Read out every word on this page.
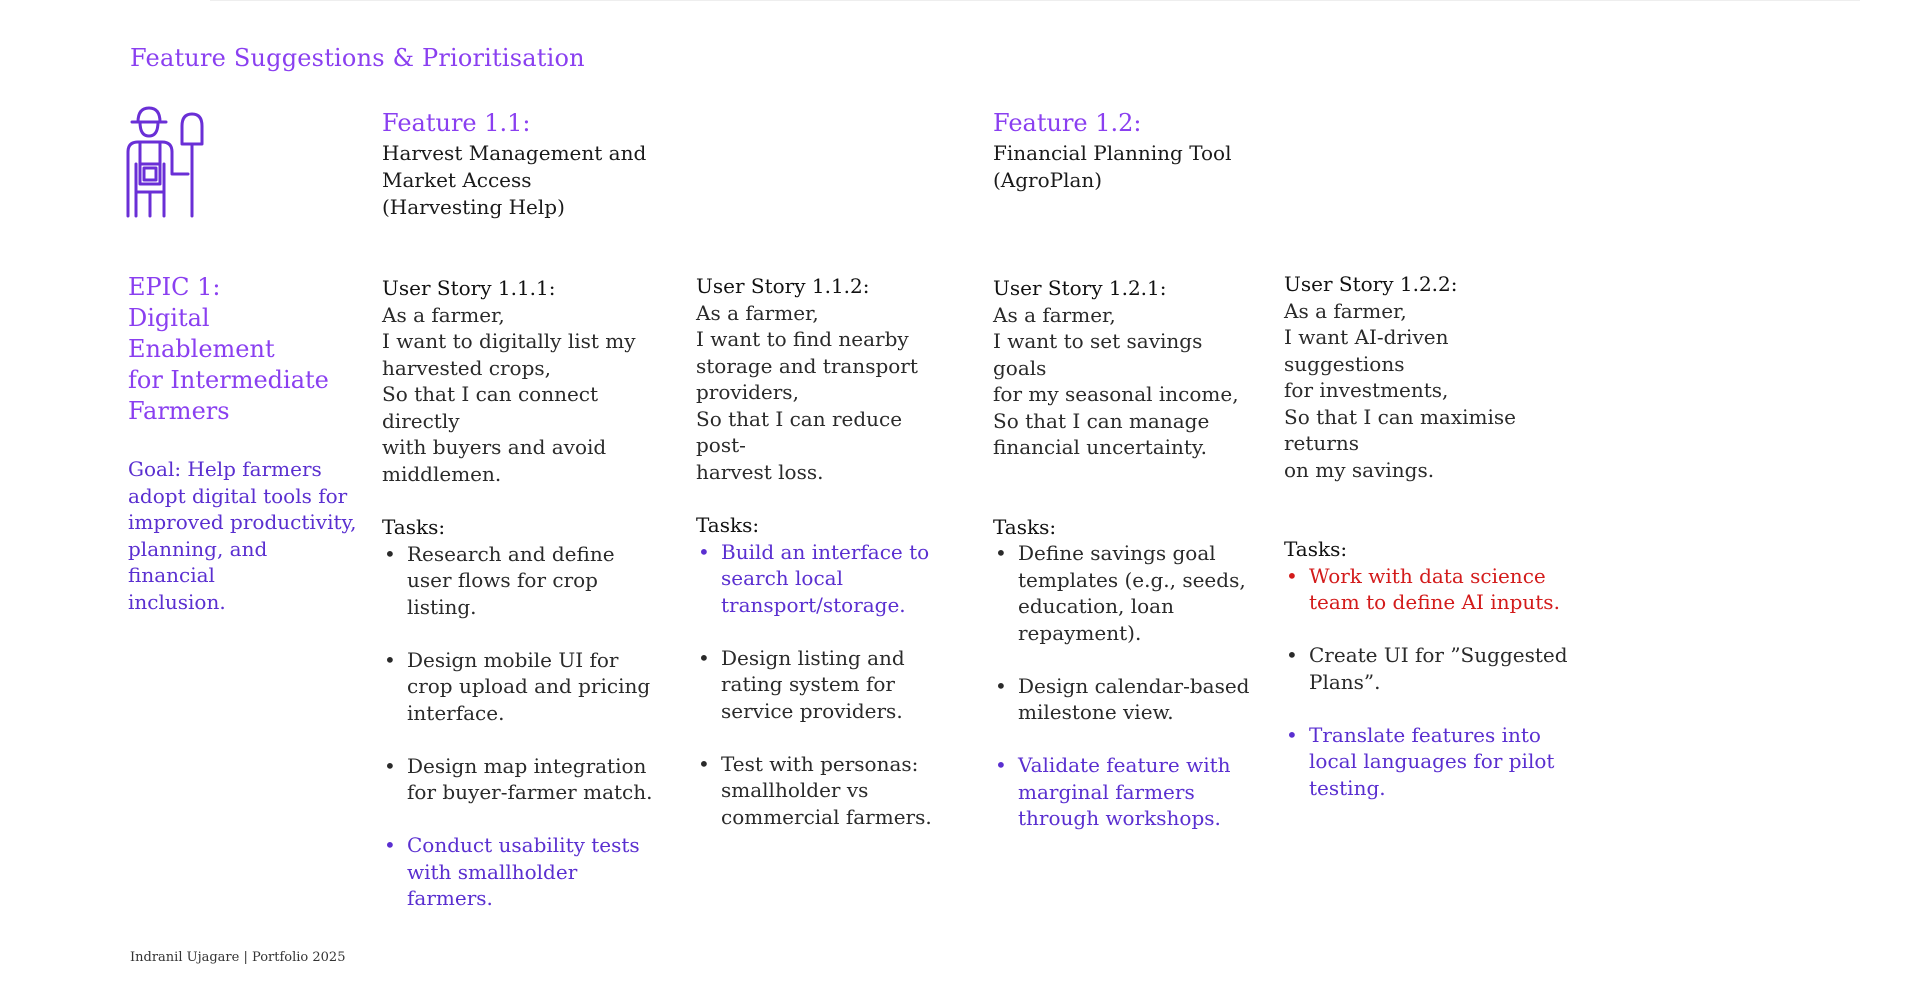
Feature Suggestions & Prioritisation
Feature 1.1:
Harvest Management and
Market Access
(Harvesting Help)
Feature 1.2:
Financial Planning Tool
(AgroPlan)
EPIC 1:
Digital Enablement
for Intermediate
Farmers
Goal: Help farmers
adopt digital tools for
improved productivity,
planning, and financial
inclusion.
User Story 1.1.1:
As a farmer,
I want to digitally list my
harvested crops,
So that I can connect directly
with buyers and avoid
middlemen.
Tasks:
• Research and define user flows for crop listing.
• Design mobile UI for crop upload and pricing interface.
• Design map integration for buyer-farmer match.
• Conduct usability tests with smallholder farmers.
User Story 1.1.2:
As a farmer,
I want to find nearby
storage and transport
providers,
So that I can reduce post-
harvest loss.
Tasks:
• Build an interface to search local transport/storage.
• Design listing and rating system for service providers.
• Test with personas: smallholder vs commercial farmers.
User Story 1.2.1:
As a farmer,
I want to set savings goals
for my seasonal income,
So that I can manage
financial uncertainty.
Tasks:
• Define savings goal templates (e.g., seeds, education, loan repayment).
• Design calendar-based milestone view.
• Validate feature with marginal farmers through workshops.
User Story 1.2.2:
As a farmer,
I want AI-driven suggestions
for investments,
So that I can maximise returns
on my savings.
Tasks:
• Work with data science team to define AI inputs.
• Create UI for ”Suggested Plans”.
• Translate features into local languages for pilot testing.
Indranil Ujagare | Portfolio 2025
